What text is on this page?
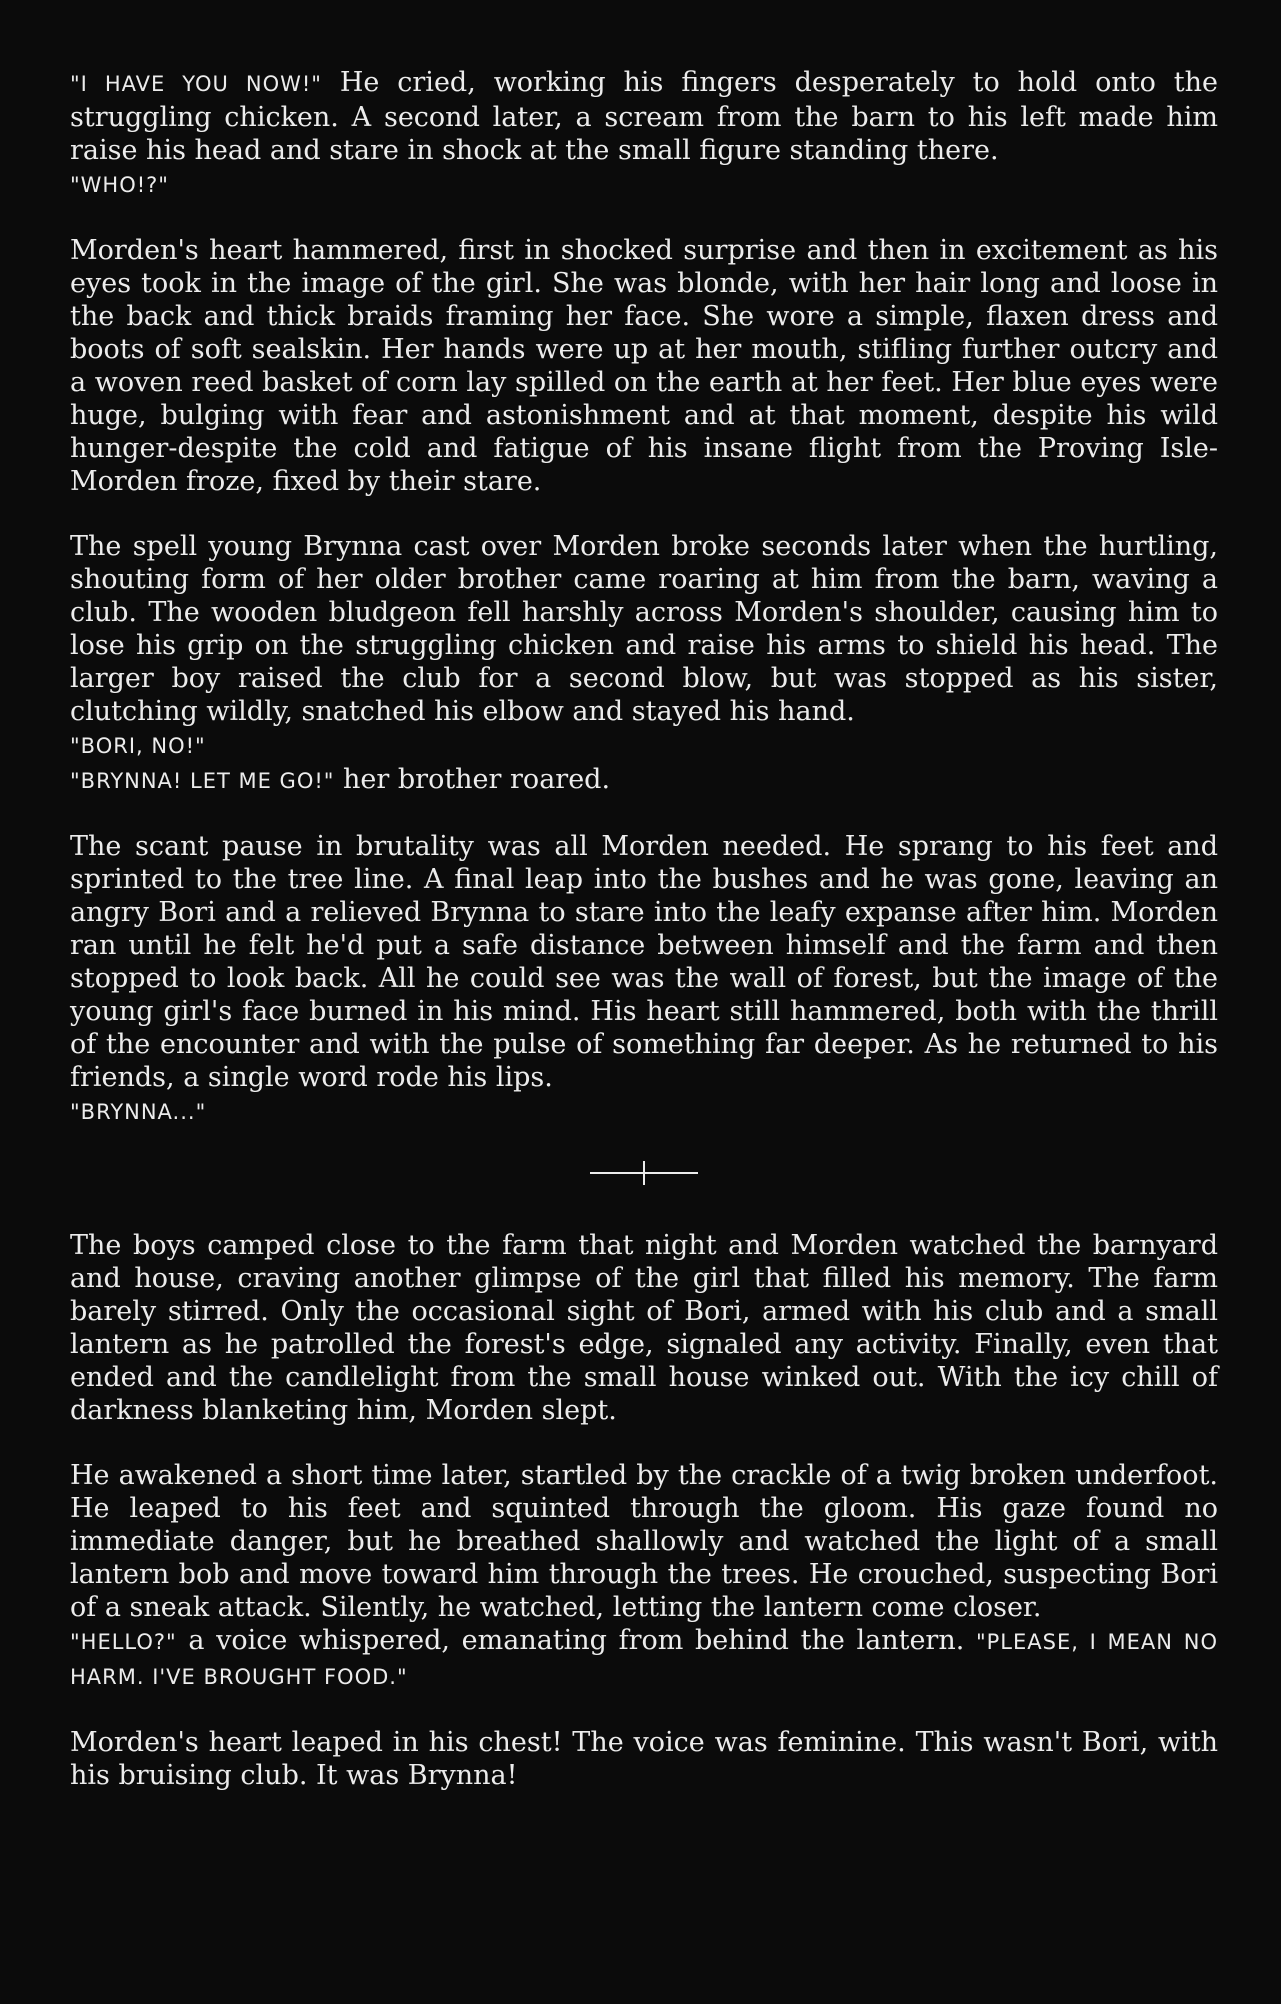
"I HAVE YOU NOW!" He cried, working his fingers desperately to hold onto the struggling chicken. A second later, a scream from the barn to his left made him raise his head and stare in shock at the small figure standing there.

"WHO!?"

Morden's heart hammered, first in shocked surprise and then in excitement as his eyes took in the image of the girl. She was blonde, with her hair long and loose in the back and thick braids framing her face. She wore a simple, flaxen dress and boots of soft sealskin. Her hands were up at her mouth, stifling further outcry and a woven reed basket of corn lay spilled on the earth at her feet. Her blue eyes were huge, bulging with fear and astonishment and at that moment, despite his wild hunger-despite the cold and fatigue of his insane flight from the Proving Isle-Morden froze, fixed by their stare.

The spell young Brynna cast over Morden broke seconds later when the hurtling, shouting form of her older brother came roaring at him from the barn, waving a club. The wooden bludgeon fell harshly across Morden's shoulder, causing him to lose his grip on the struggling chicken and raise his arms to shield his head. The larger boy raised the club for a second blow, but was stopped as his sister, clutching wildly, snatched his elbow and stayed his hand.

"BORI, NO!"

"BRYNNA! LET ME GO!" her brother roared.

The scant pause in brutality was all Morden needed. He sprang to his feet and sprinted to the tree line. A final leap into the bushes and he was gone, leaving an angry Bori and a relieved Brynna to stare into the leafy expanse after him. Morden ran until he felt he'd put a safe distance between himself and the farm and then stopped to look back. All he could see was the wall of forest, but the image of the young girl's face burned in his mind. His heart still hammered, both with the thrill of the encounter and with the pulse of something far deeper. As he returned to his friends, a single word rode his lips.

"BRYNNA..."

The boys camped close to the farm that night and Morden watched the barnyard and house, craving another glimpse of the girl that filled his memory. The farm barely stirred. Only the occasional sight of Bori, armed with his club and a small lantern as he patrolled the forest's edge, signaled any activity. Finally, even that ended and the candlelight from the small house winked out. With the icy chill of darkness blanketing him, Morden slept.

He awakened a short time later, startled by the crackle of a twig broken underfoot. He leaped to his feet and squinted through the gloom. His gaze found no immediate danger, but he breathed shallowly and watched the light of a small lantern bob and move toward him through the trees. He crouched, suspecting Bori of a sneak attack. Silently, he watched, letting the lantern come closer.

"HELLO?" a voice whispered, emanating from behind the lantern. "PLEASE, I MEAN NO HARM. I'VE BROUGHT FOOD."

Morden's heart leaped in his chest! The voice was feminine. This wasn't Bori, with his bruising club. It was Brynna!
